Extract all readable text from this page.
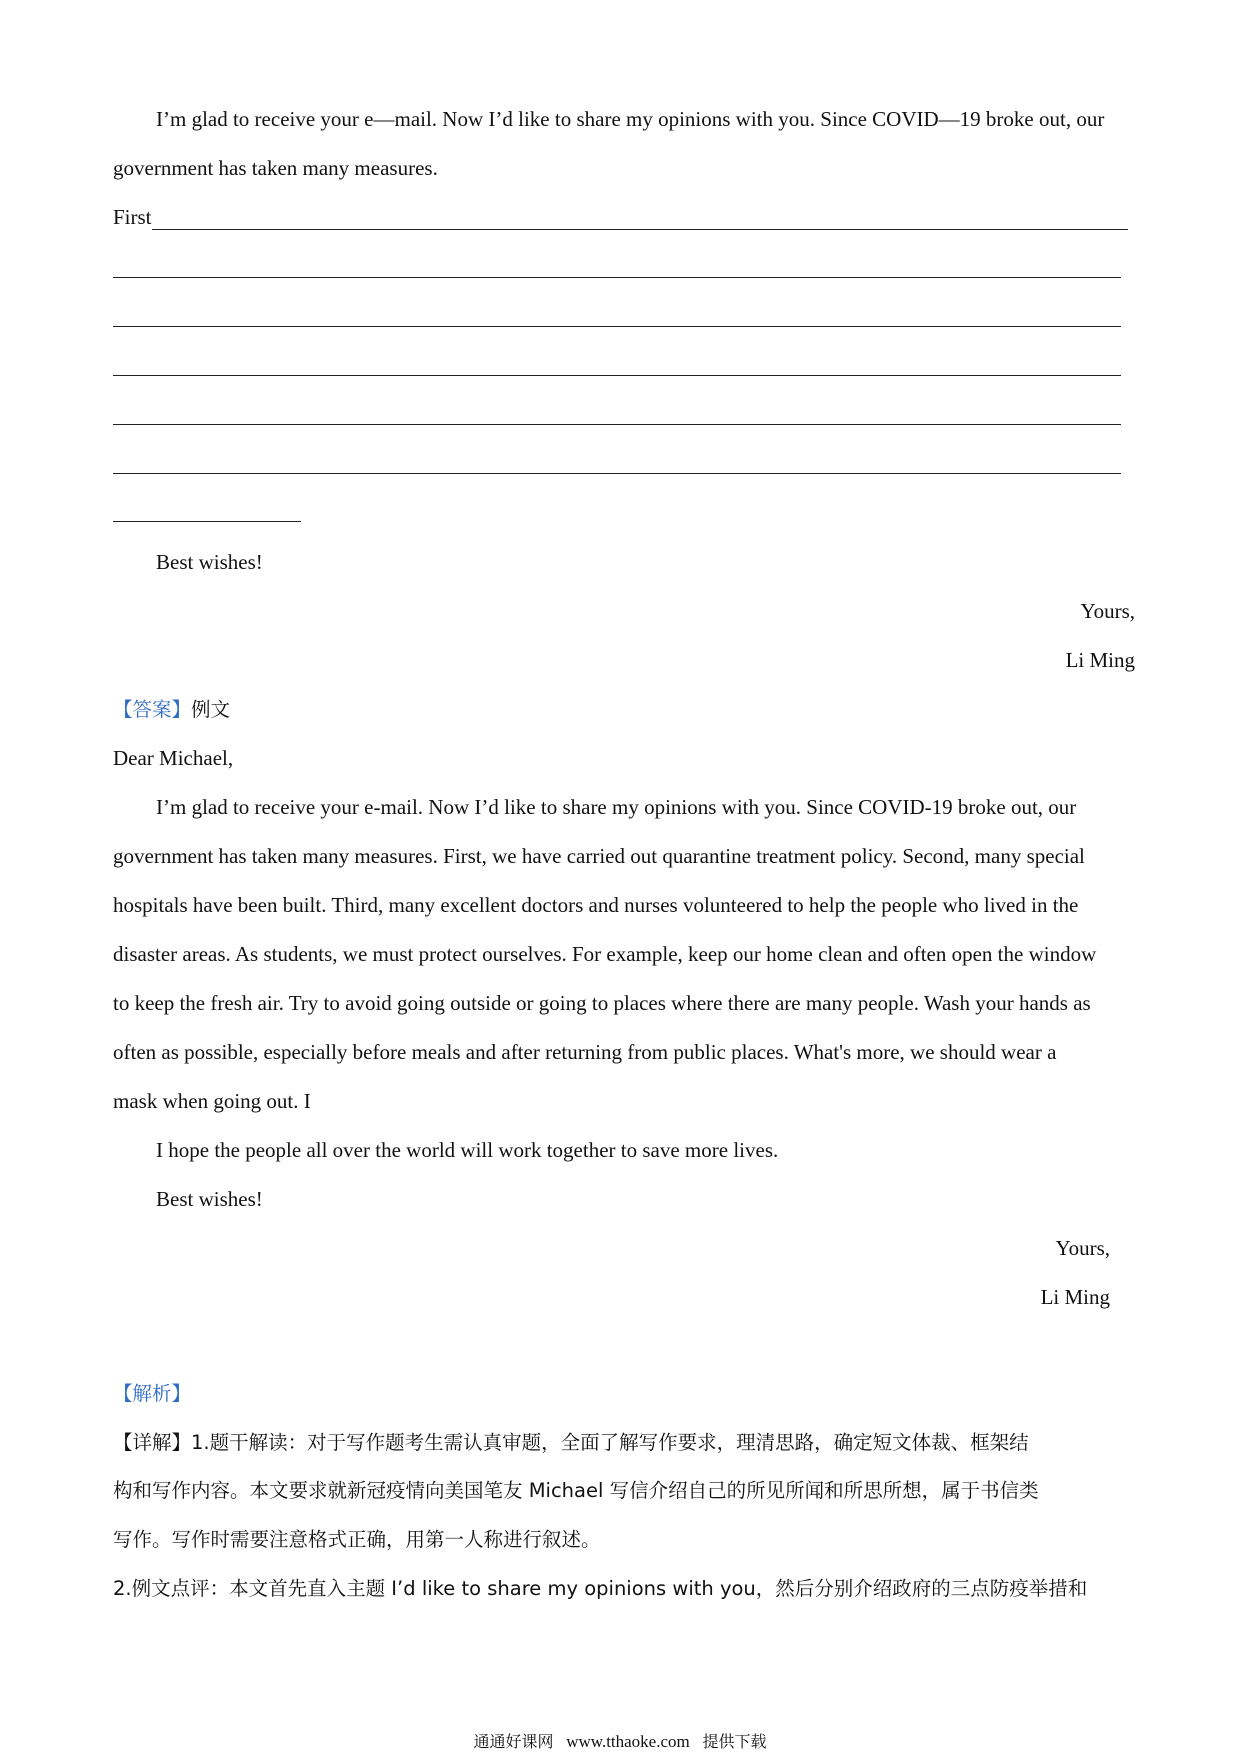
I’m glad to receive your e—mail. Now I’d like to share my opinions with you. Since COVID—19 broke out, our
government has taken many measures.
First
Best wishes!
Yours,
Li Ming
【答案】例文
Dear Michael,
I’m glad to receive your e-mail. Now I’d like to share my opinions with you. Since COVID-19 broke out, our
government has taken many measures. First, we have carried out quarantine treatment policy. Second, many special
hospitals have been built. Third, many excellent doctors and nurses volunteered to help the people who lived in the
disaster areas. As students, we must protect ourselves. For example, keep our home clean and often open the window
to keep the fresh air. Try to avoid going outside or going to places where there are many people. Wash your hands as
often as possible, especially before meals and after returning from public places. What's more, we should wear a
mask when going out. I
I hope the people all over the world will work together to save more lives.
Best wishes!
Yours,
Li Ming
【解析】
【详解】1.题干解读：对于写作题考生需认真审题，全面了解写作要求，理清思路，确定短文体裁、框架结
构和写作内容。本文要求就新冠疫情向美国笔友 Michael 写信介绍自己的所见所闻和所思所想，属于书信类
写作。写作时需要注意格式正确，用第一人称进行叙述。
2.例文点评：本文首先直入主题 I’d like to share my opinions with you，然后分别介绍政府的三点防疫举措和
通通好课网 www.tthaoke.com 提供下载
